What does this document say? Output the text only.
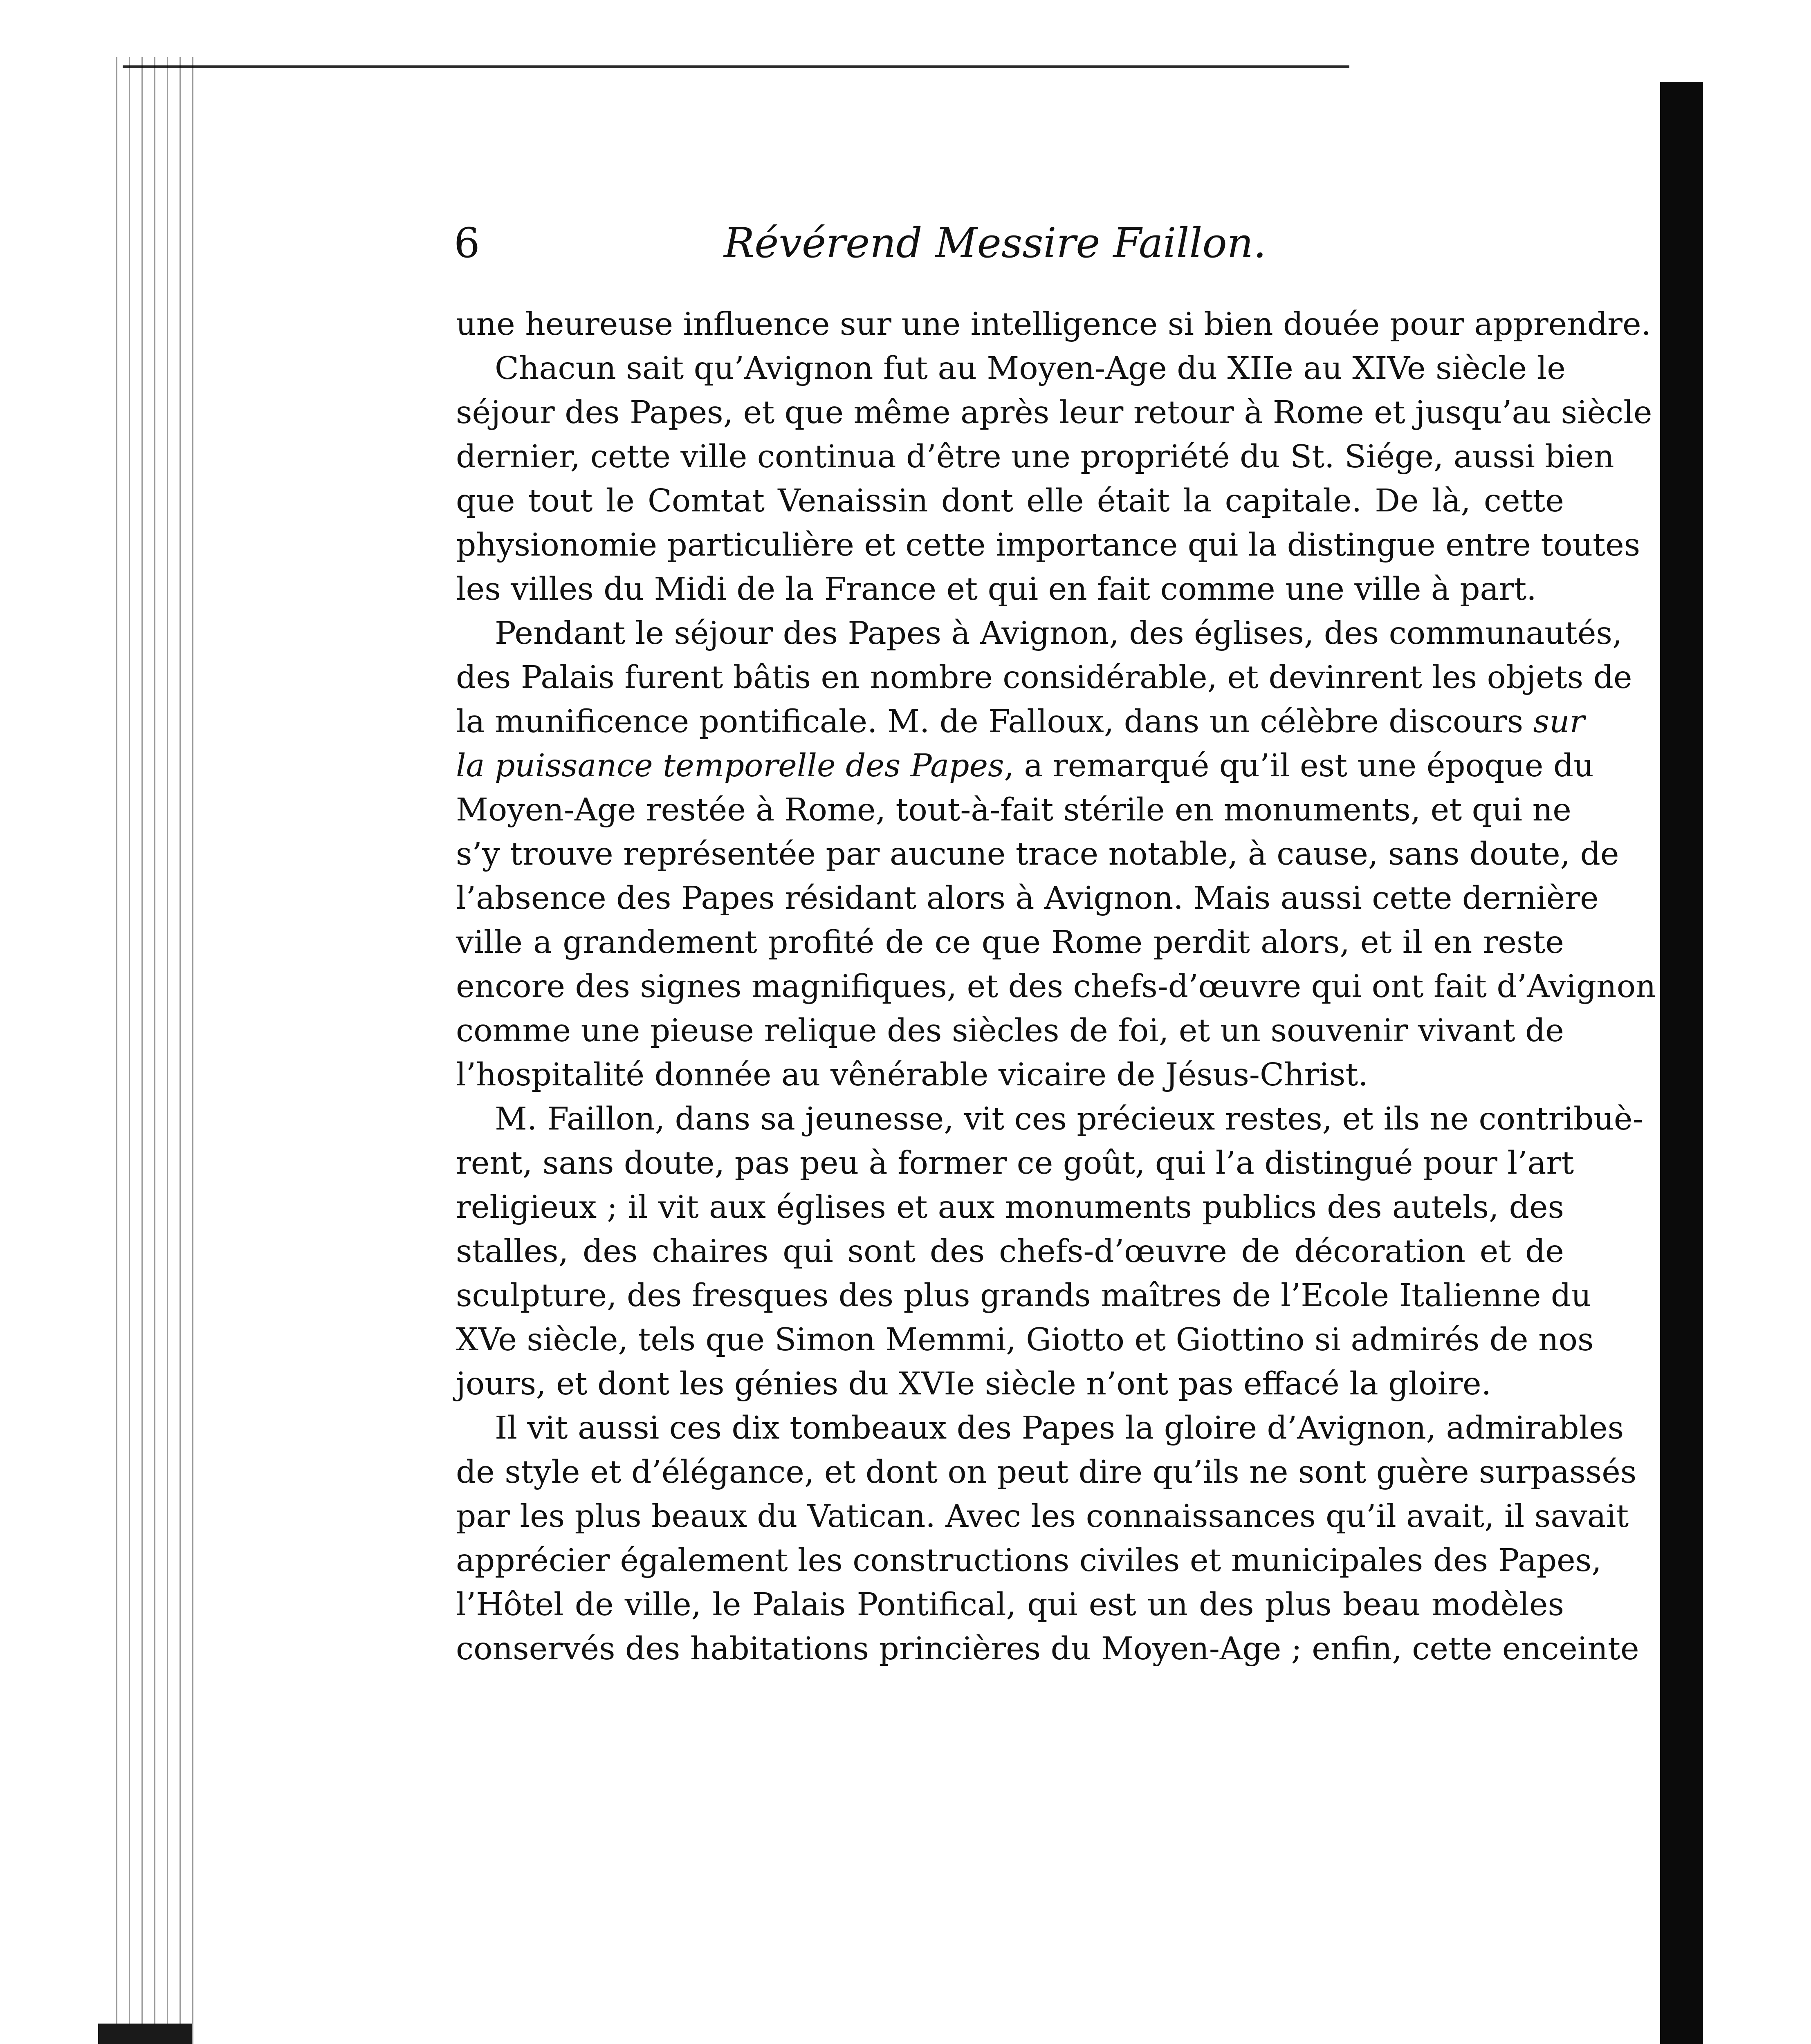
6	Révérend Messire Faillon.
une heureuse influence sur une intelligence si bien douée pour apprendre.
Chacun sait qu’Avignon fut au Moyen-Age du XIIe au XIVe siècle le
séjour des Papes, et que même après leur retour à Rome et jusqu’au siècle
dernier, cette ville continua d’être une propriété du St. Siége, aussi bien
que tout le Comtat Venaissin dont elle était la capitale. De là, cette
physionomie particulière et cette importance qui la distingue entre toutes
les villes du Midi de la France et qui en fait comme une ville à part.
Pendant le séjour des Papes à Avignon, des églises, des communautés,
des Palais furent bâtis en nombre considérable, et devinrent les objets de
la munificence pontificale. M. de Falloux, dans un célèbre discours sur
la puissance temporelle des Papes, a remarqué qu’il est une époque du
Moyen-Age restée à Rome, tout-à-fait stérile en monuments, et qui ne
s’y trouve représentée par aucune trace notable, à cause, sans doute, de
l’absence des Papes résidant alors à Avignon. Mais aussi cette dernière
ville a grandement profité de ce que Rome perdit alors, et il en reste
encore des signes magnifiques, et des chefs-d’œuvre qui ont fait d’Avignon
comme une pieuse relique des siècles de foi, et un souvenir vivant de
l’hospitalité donnée au vênérable vicaire de Jésus-Christ.
M. Faillon, dans sa jeunesse, vit ces précieux restes, et ils ne contribuè-
rent, sans doute, pas peu à former ce goût, qui l’a distingué pour l’art
religieux ; il vit aux églises et aux monuments publics des autels, des
stalles, des chaires qui sont des chefs-d’œuvre de décoration et de
sculpture, des fresques des plus grands maîtres de l’Ecole Italienne du
XVe siècle, tels que Simon Memmi, Giotto et Giottino si admirés de nos
jours, et dont les génies du XVIe siècle n’ont pas effacé la gloire.
Il vit aussi ces dix tombeaux des Papes la gloire d’Avignon, admirables
de style et d’élégance, et dont on peut dire qu’ils ne sont guère surpassés
par les plus beaux du Vatican. Avec les connaissances qu’il avait, il savait
apprécier également les constructions civiles et municipales des Papes,
l’Hôtel de ville, le Palais Pontifical, qui est un des plus beau modèles
conservés des habitations princières du Moyen-Age ; enfin, cette enceinte
